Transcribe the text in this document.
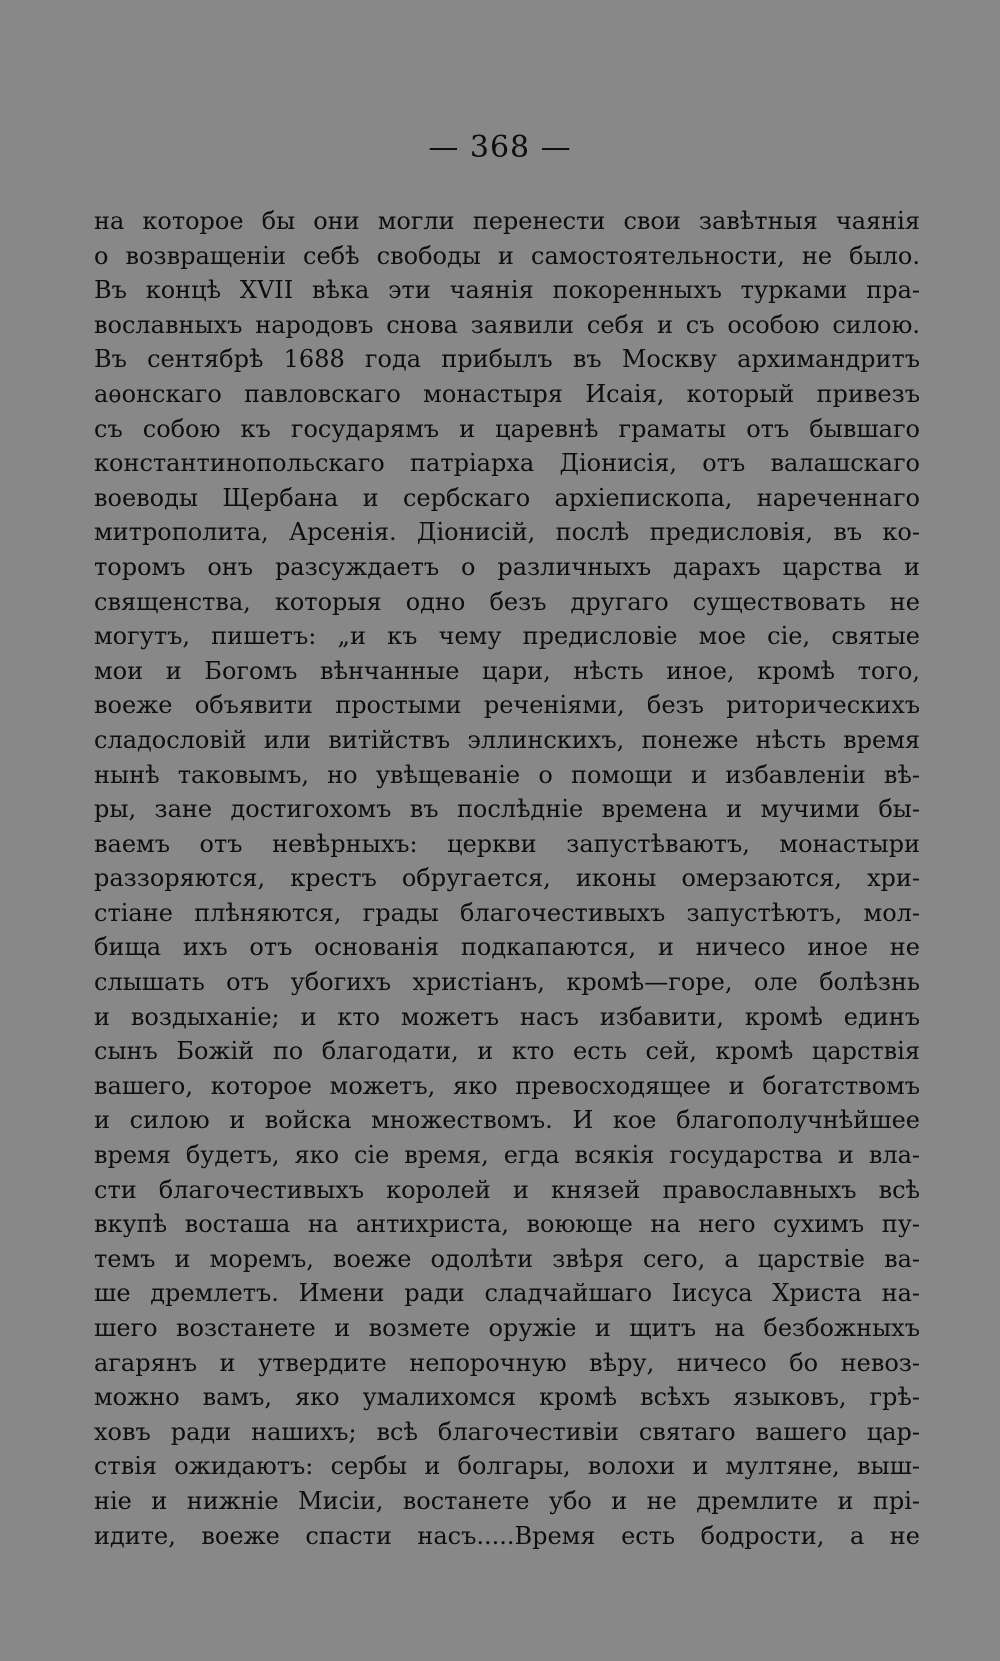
— 368 —
на которое бы они могли перенести свои завѣтныя чаянія
о возвращеніи себѣ свободы и самостоятельности, не было.
Въ концѣ XVII вѣка эти чаянія покоренныхъ турками пра-
вославныхъ народовъ снова заявили себя и съ особою силою.
Въ сентябрѣ 1688 года прибылъ въ Москву архимандритъ
аѳонскаго павловскаго монастыря Исаія, который привезъ
съ собою къ государямъ и царевнѣ граматы отъ бывшаго
константинопольскаго патріарха Діонисія, отъ валашскаго
воеводы Щербана и сербскаго архіепископа, нареченнаго
митрополита, Арсенія. Діонисій, послѣ предисловія, въ ко-
торомъ онъ разсуждаетъ о различныхъ дарахъ царства и
священства, которыя одно безъ другаго существовать не
могутъ, пишетъ: „и къ чему предисловіе мое сіе, святые
мои и Богомъ вѣнчанные цари, нѣсть иное, кромѣ того,
воеже объявити простыми реченіями, безъ риторическихъ
сладословій или витійствъ эллинскихъ, понеже нѣсть время
нынѣ таковымъ, но увѣщеваніе о помощи и избавленіи вѣ-
ры, зане достигохомъ въ послѣдніе времена и мучими бы-
ваемъ отъ невѣрныхъ: церкви запустѣваютъ, монастыри
раззоряются, крестъ обругается, иконы омерзаются, хри-
стіане плѣняются, грады благочестивыхъ запустѣютъ, мол-
бища ихъ отъ основанія подкапаются, и ничесо иное не
слышать отъ убогихъ христіанъ, кромѣ—горе, оле болѣзнь
и воздыханіе; и кто можетъ насъ избавити, кромѣ единъ
сынъ Божій по благодати, и кто есть сей, кромѣ царствія
вашего, которое можетъ, яко превосходящее и богатствомъ
и силою и войска множествомъ. И кое благополучнѣйшее
время будетъ, яко сіе время, егда всякія государства и вла-
сти благочестивыхъ королей и князей православныхъ всѣ
вкупѣ восташа на антихриста, воюющe на него сухимъ пу-
темъ и моремъ, воеже одолѣти звѣря сего, а царствіе ва-
ше дремлетъ. Имени ради сладчайшаго Іисуса Христа на-
шего возстанете и возмете оружіе и щитъ на безбожныхъ
агарянъ и утвердите непорочную вѣру, ничесо бо невоз-
можно вамъ, яко умалихомся кромѣ всѣхъ языковъ, грѣ-
ховъ ради нашихъ; всѣ благочестивіи святаго вашего цар-
ствія ожидаютъ: сербы и болгары, волохи и мултяне, выш-
ніе и нижніе Мисіи, востанете убо и не дремлите и прі-
идите, воеже спасти насъ.....Время есть бодрости, а не
